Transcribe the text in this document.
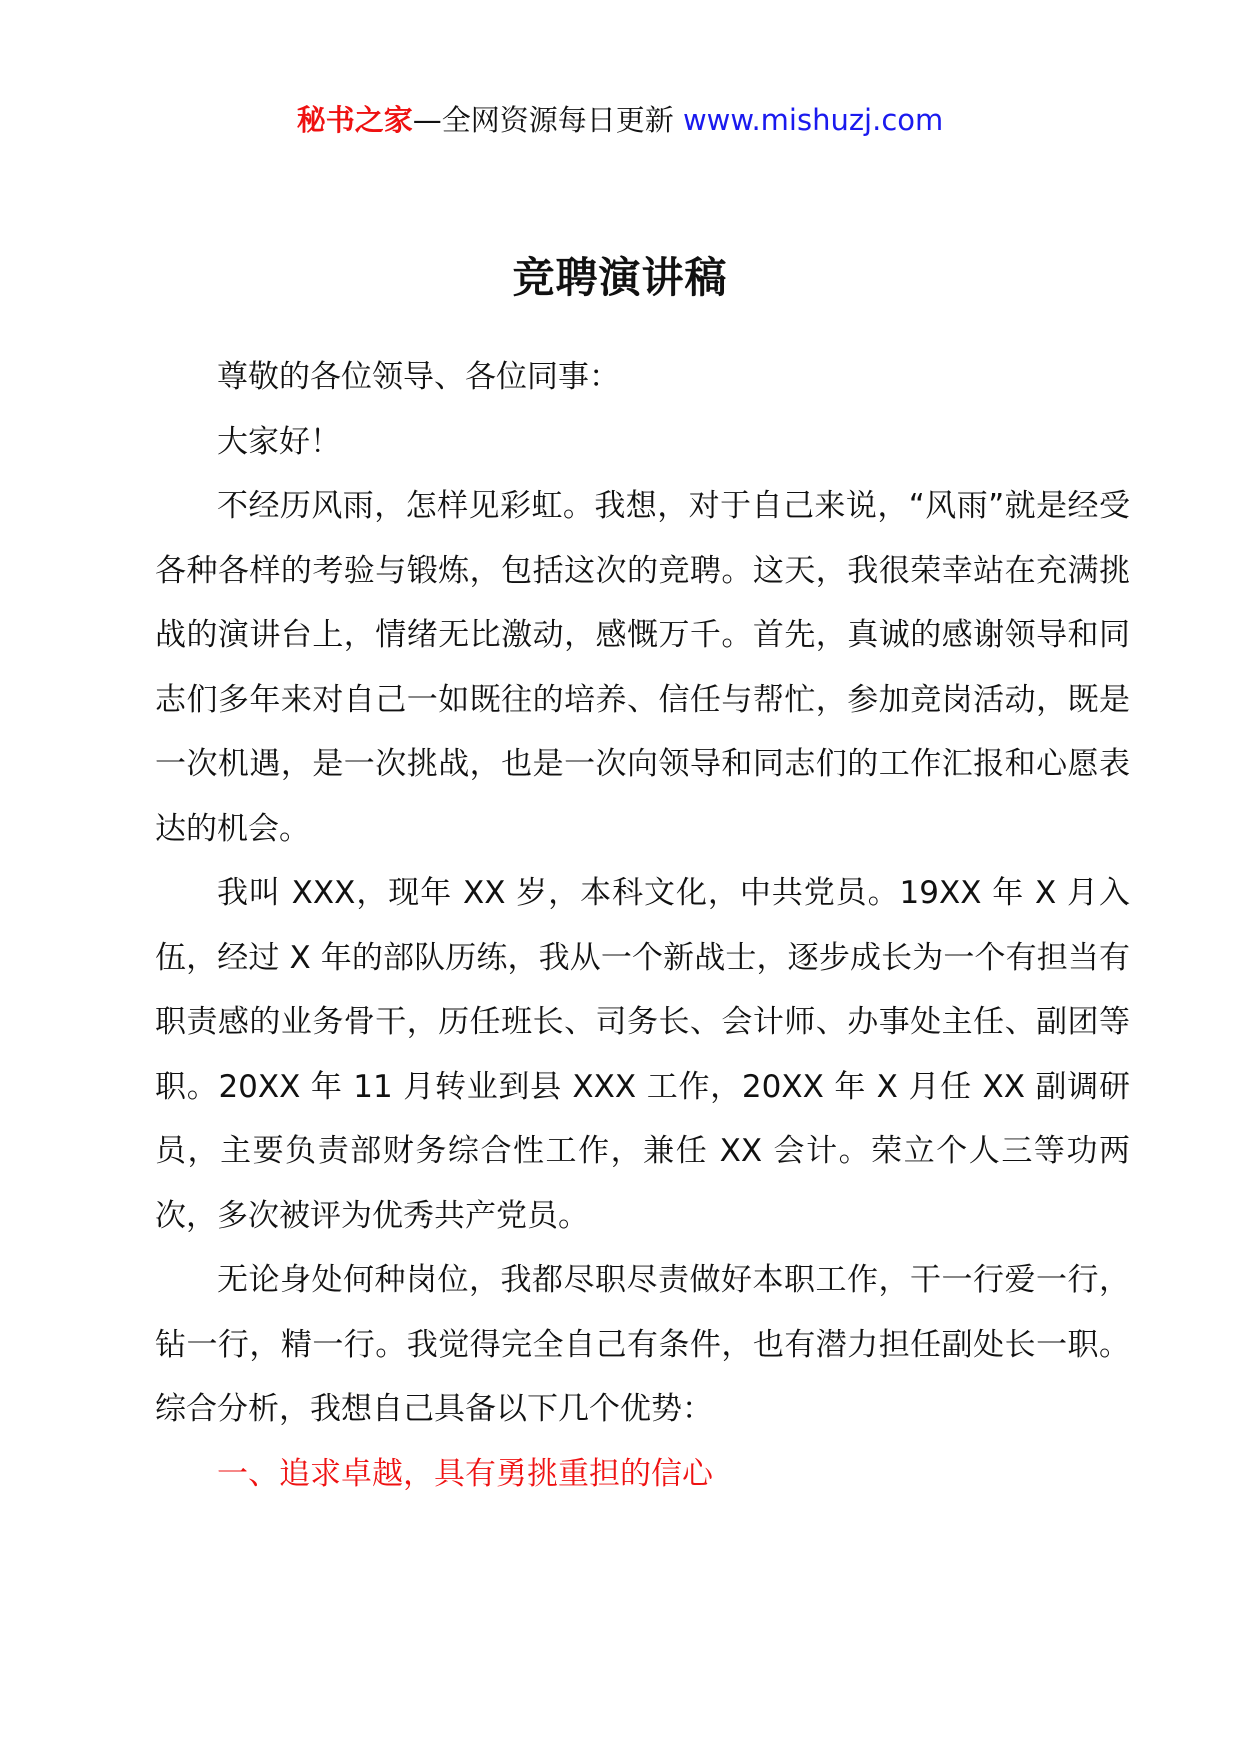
秘书之家—全网资源每日更新 www.mishuzj.com
竞聘演讲稿

尊敬的各位领导、各位同事：

大家好！

不经历风雨，怎样见彩虹。我想，对于自己来说，“风雨”就是经受各种各样的考验与锻炼，包括这次的竞聘。这天，我很荣幸站在充满挑战的演讲台上，情绪无比激动，感慨万千。首先，真诚的感谢领导和同志们多年来对自己一如既往的培养、信任与帮忙，参加竞岗活动，既是一次机遇，是一次挑战，也是一次向领导和同志们的工作汇报和心愿表达的机会。

我叫 XXX，现年 XX 岁，本科文化，中共党员。19XX 年 X 月入伍，经过 X 年的部队历练，我从一个新战士，逐步成长为一个有担当有职责感的业务骨干，历任班长、司务长、会计师、办事处主任、副团等职。20XX 年 11 月转业到县 XXX 工作，20XX 年 X 月任 XX 副调研员，主要负责部财务综合性工作，兼任 XX 会计。荣立个人三等功两次，多次被评为优秀共产党员。

无论身处何种岗位，我都尽职尽责做好本职工作，干一行爱一行，钻一行，精一行。我觉得完全自己有条件，也有潜力担任副处长一职。综合分析，我想自己具备以下几个优势：

一、追求卓越，具有勇挑重担的信心
